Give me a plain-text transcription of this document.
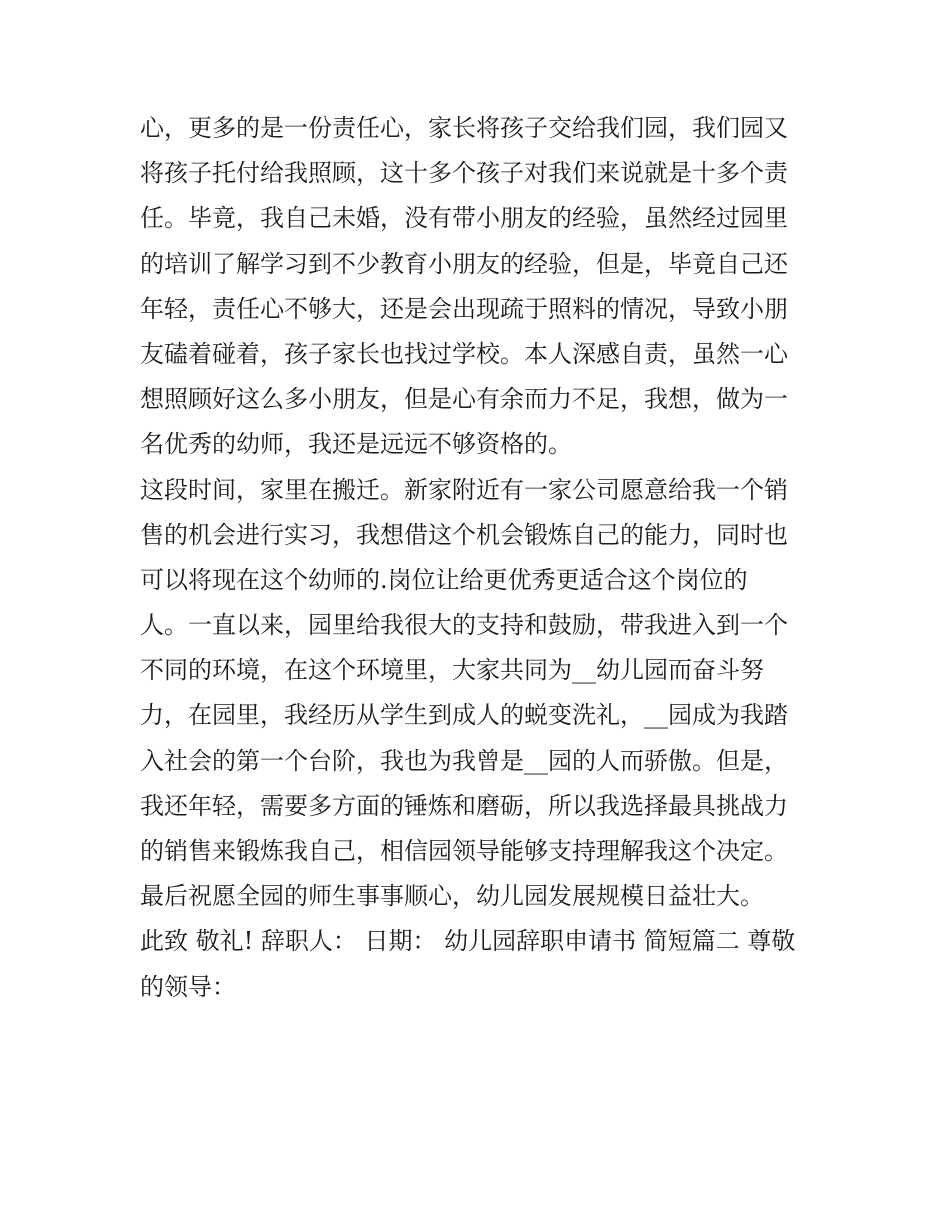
心，更多的是一份责任心，家长将孩子交给我们园，我们园又
将孩子托付给我照顾，这十多个孩子对我们来说就是十多个责
任。毕竟，我自己未婚，没有带小朋友的经验，虽然经过园里
的培训了解学习到不少教育小朋友的经验，但是，毕竟自己还
年轻，责任心不够大，还是会出现疏于照料的情况，导致小朋
友磕着碰着，孩子家长也找过学校。本人深感自责，虽然一心
想照顾好这么多小朋友，但是心有余而力不足，我想，做为一
名优秀的幼师，我还是远远不够资格的。
这段时间，家里在搬迁。新家附近有一家公司愿意给我一个销
售的机会进行实习，我想借这个机会锻炼自己的能力，同时也
可以将现在这个幼师的.岗位让给更优秀更适合这个岗位的
人。一直以来，园里给我很大的支持和鼓励，带我进入到一个
不同的环境，在这个环境里，大家共同为__幼儿园而奋斗努
力，在园里，我经历从学生到成人的蜕变洗礼，__园成为我踏
入社会的第一个台阶，我也为我曾是__园的人而骄傲。但是，
我还年轻，需要多方面的锤炼和磨砺，所以我选择最具挑战力
的销售来锻炼我自己，相信园领导能够支持理解我这个决定。
最后祝愿全园的师生事事顺心，幼儿园发展规模日益壮大。
此致 敬礼! 辞职人： 日期： 幼儿园辞职申请书 简短篇二 尊敬
的领导：
